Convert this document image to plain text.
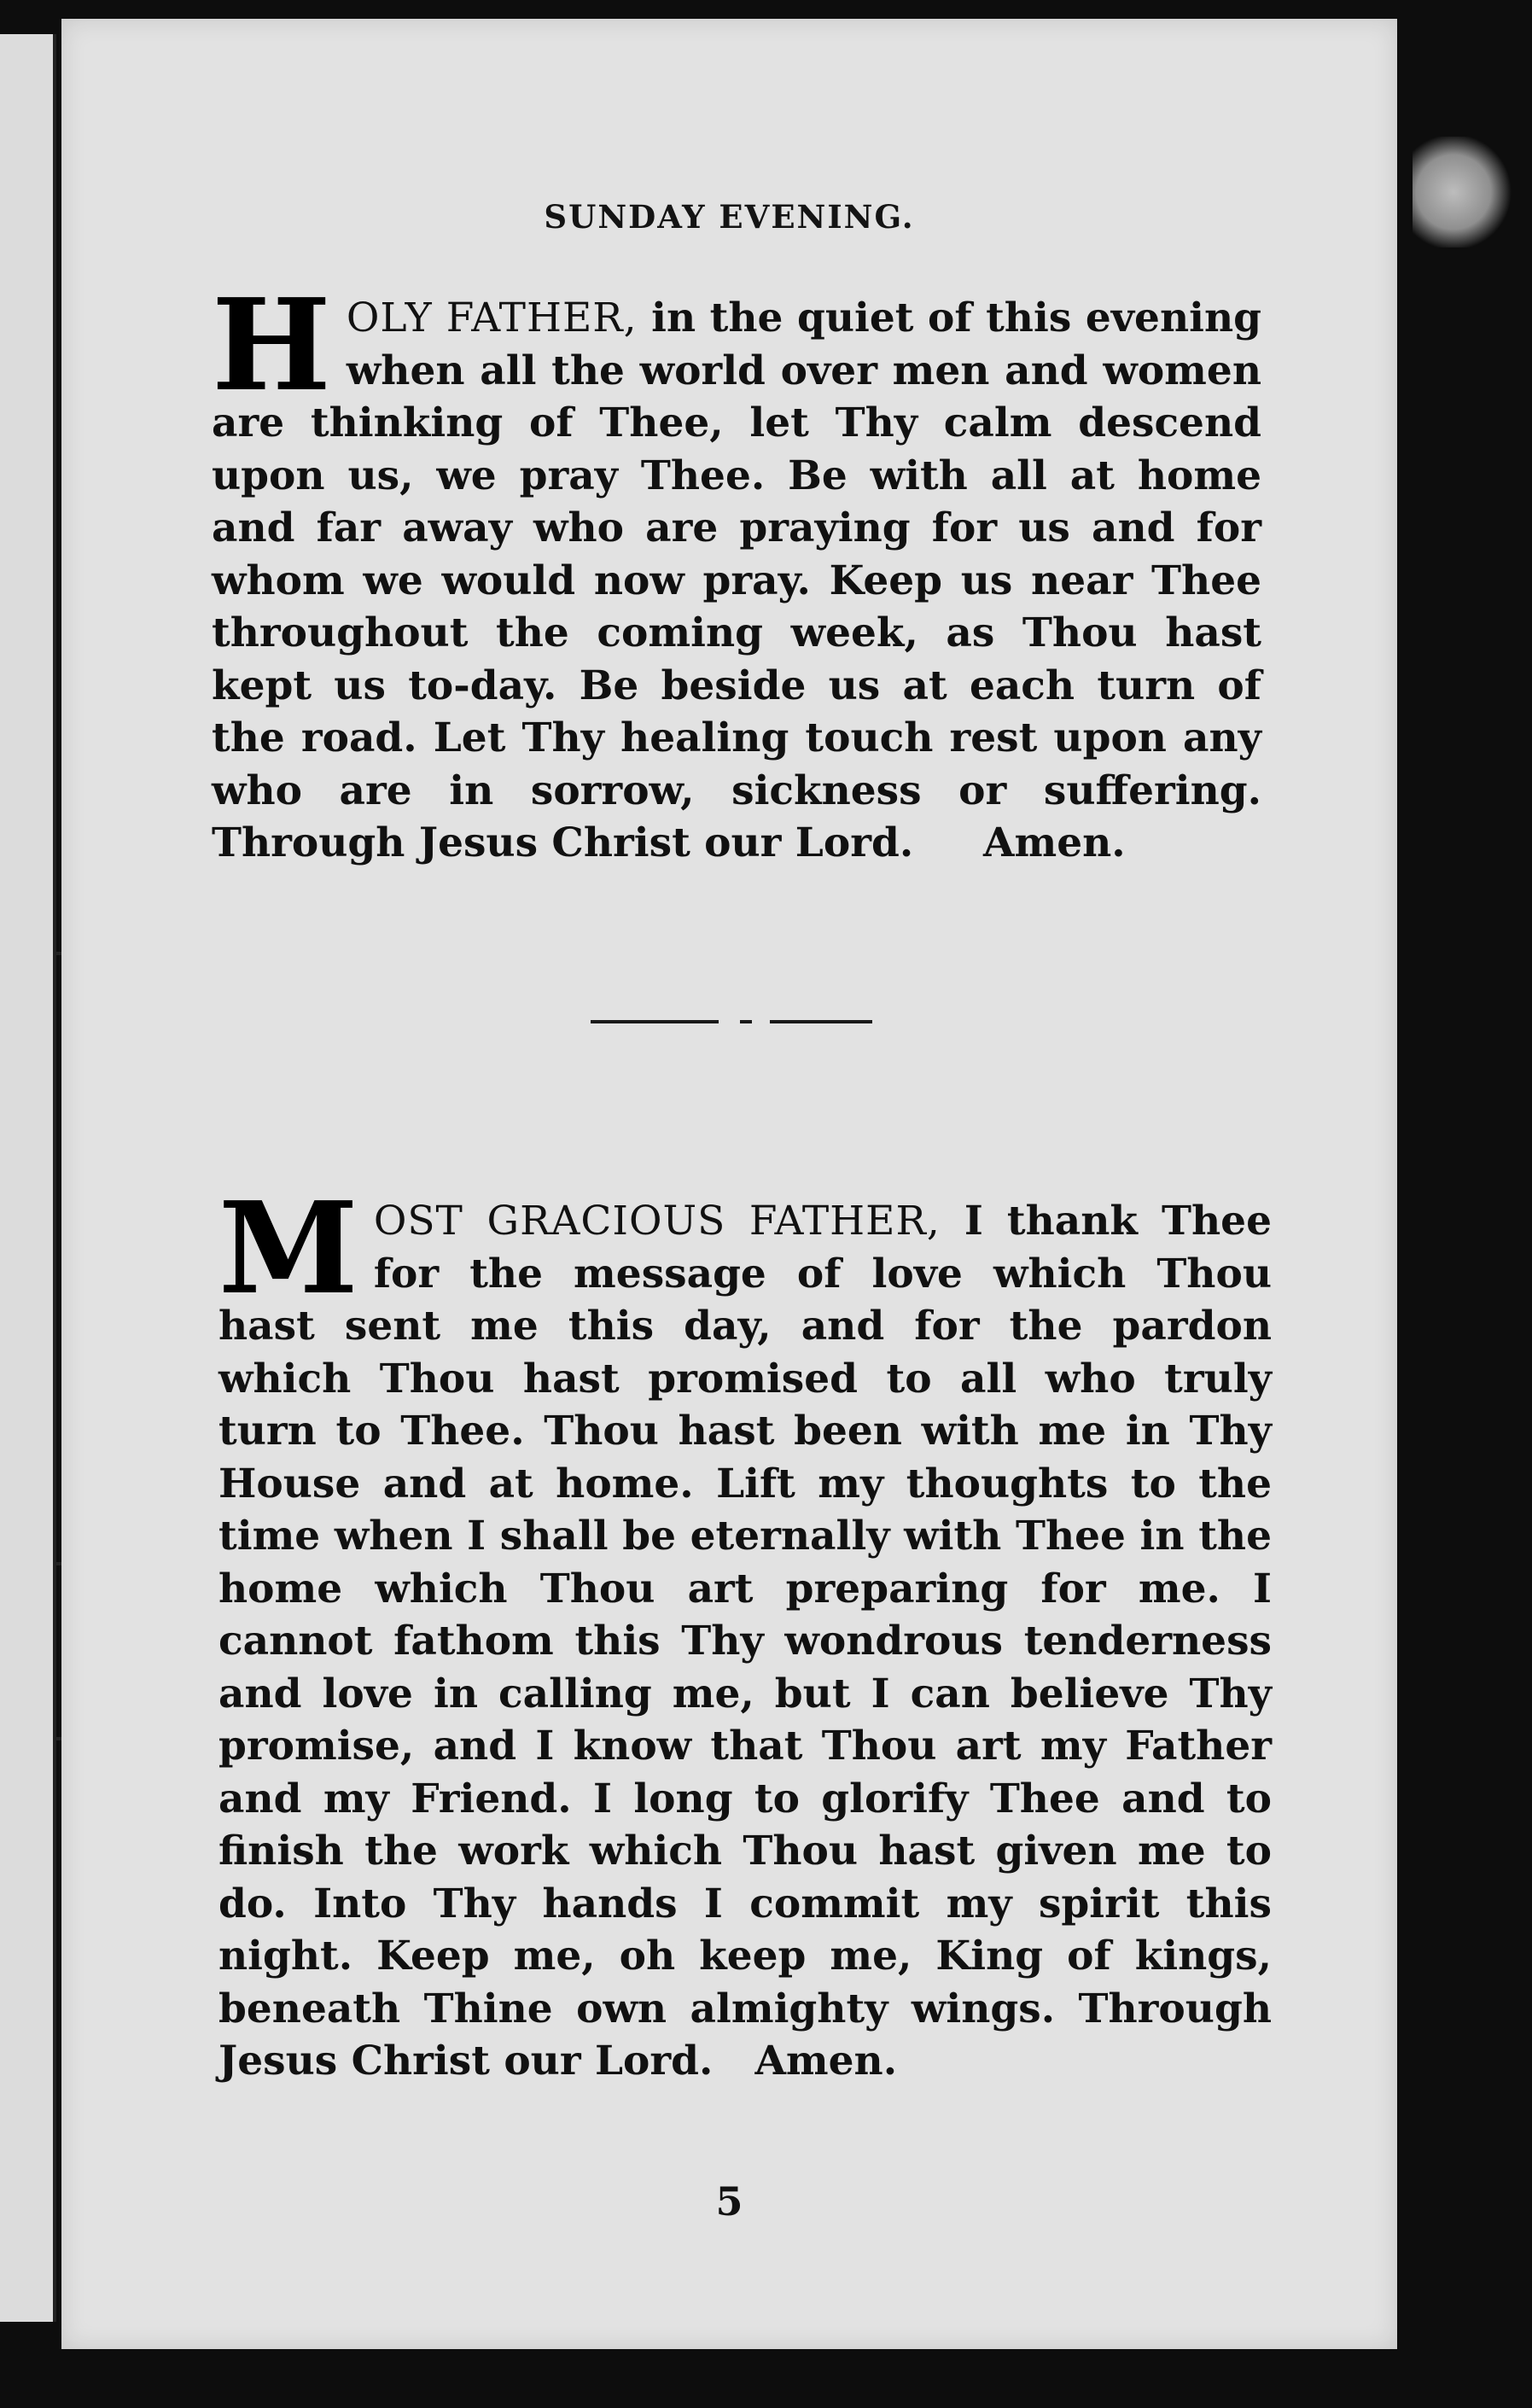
SUNDAY EVENING.
H OLY FATHER, in the quiet of this evening when all the world over men and women are thinking of Thee, let Thy calm descend upon us, we pray Thee. Be with all at home and far away who are praying for us and for whom we would now pray. Keep us near Thee throughout the coming week, as Thou hast kept us to-day. Be beside us at each turn of the road. Let Thy healing touch rest upon any who are in sorrow, sickness or suffering. Through Jesus Christ our Lord. Amen.
M OST GRACIOUS FATHER, I thank Thee for the message of love which Thou hast sent me this day, and for the pardon which Thou hast promised to all who truly turn to Thee. Thou hast been with me in Thy House and at home. Lift my thoughts to the time when I shall be eternally with Thee in the home which Thou art preparing for me. I cannot fathom this Thy wondrous tenderness and love in calling me, but I can believe Thy promise, and I know that Thou art my Father and my Friend. I long to glorify Thee and to finish the work which Thou hast given me to do. Into Thy hands I commit my spirit this night. Keep me, oh keep me, King of kings, beneath Thine own almighty wings. Through Jesus Christ our Lord. Amen.
5
